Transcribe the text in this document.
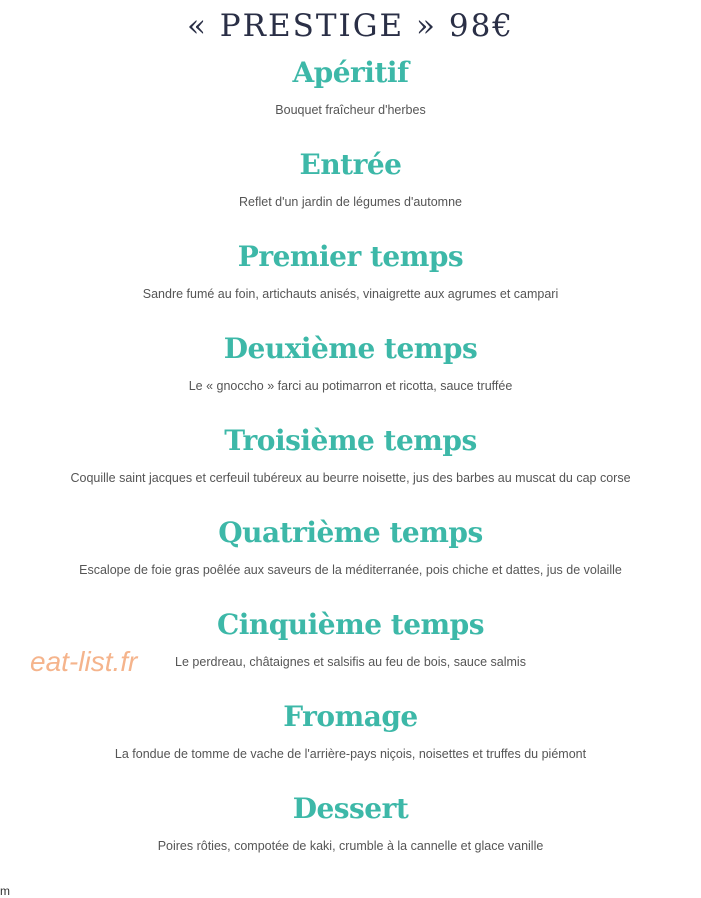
« PRESTIGE » 98€
Apéritif
Bouquet fraîcheur d'herbes
Entrée
Reflet d'un jardin de légumes d'automne
Premier temps
Sandre fumé au foin, artichauts anisés, vinaigrette aux agrumes et campari
Deuxième temps
Le « gnoccho » farci au potimarron et ricotta, sauce truffée
Troisième temps
Coquille saint jacques et cerfeuil tubéreux au beurre noisette, jus des barbes au muscat du cap corse
Quatrième temps
Escalope de foie gras poêlée aux saveurs de la méditerranée, pois chiche et dattes, jus de volaille
Cinquième temps
Le perdreau, châtaignes et salsifis au feu de bois, sauce salmis
Fromage
La fondue de tomme de vache de l'arrière-pays niçois, noisettes et truffes du piémont
Dessert
Poires rôties, compotée de kaki, crumble à la cannelle et glace vanille
eat-list.fr
m
